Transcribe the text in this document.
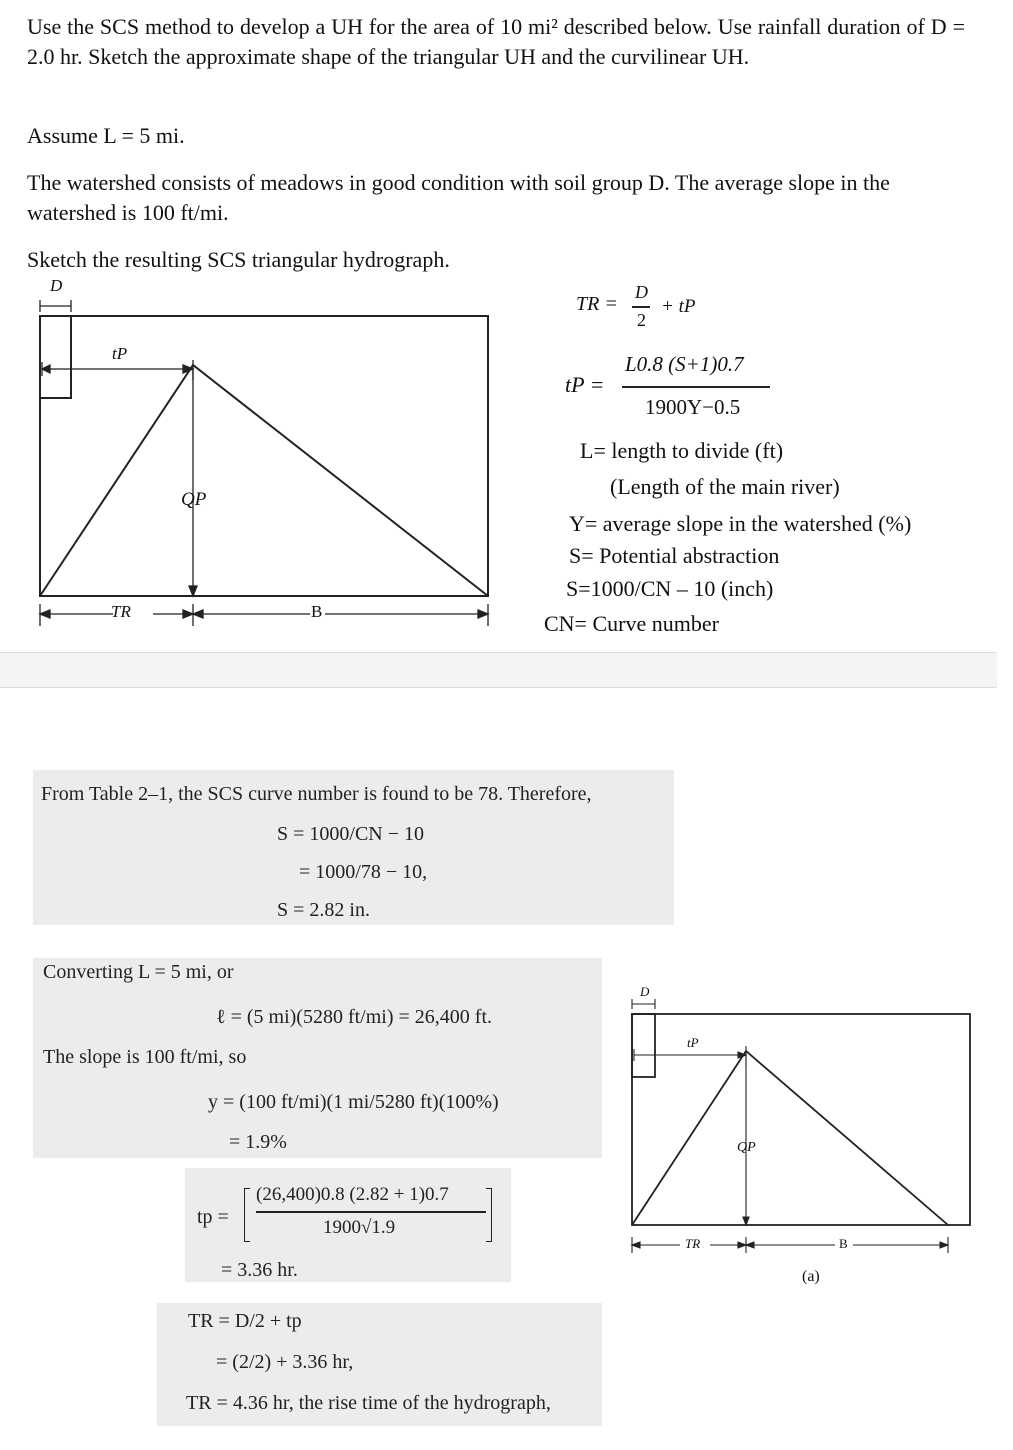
Use the SCS method to develop a UH for the area of 10 mi² described below. Use rainfall duration of D = 2.0 hr. Sketch the approximate shape of the triangular UH and the curvilinear UH.
Assume L = 5 mi.
The watershed consists of meadows in good condition with soil group D. The average slope in the watershed is 100 ft/mi.
Sketch the resulting SCS triangular hydrograph.
D
tP
QP
TR	B
TR =
D
2
+ tP
tP =
L0.8 (S+1)0.7
1900Y−0.5
L= length to divide (ft)
(Length of the main river)
Y= average slope in the watershed (%)
S= Potential abstraction
S=1000/CN – 10 (inch)
CN= Curve number
From Table 2–1, the SCS curve number is found to be 78. Therefore,
S = 1000/CN − 10
= 1000/78 − 10,
S = 2.82 in.
Converting L = 5 mi, or
ℓ = (5 mi)(5280 ft/mi) = 26,400 ft.
The slope is 100 ft/mi, so
y = (100 ft/mi)(1 mi/5280 ft)(100%)
= 1.9%
tp =
(26,400)0.8 (2.82 + 1)0.7
1900√1.9
= 3.36 hr.
TR = D/2 + tp
= (2/2) + 3.36 hr,
TR = 4.36 hr, the rise time of the hydrograph,
D
tP
QP
TR	B
(a)
